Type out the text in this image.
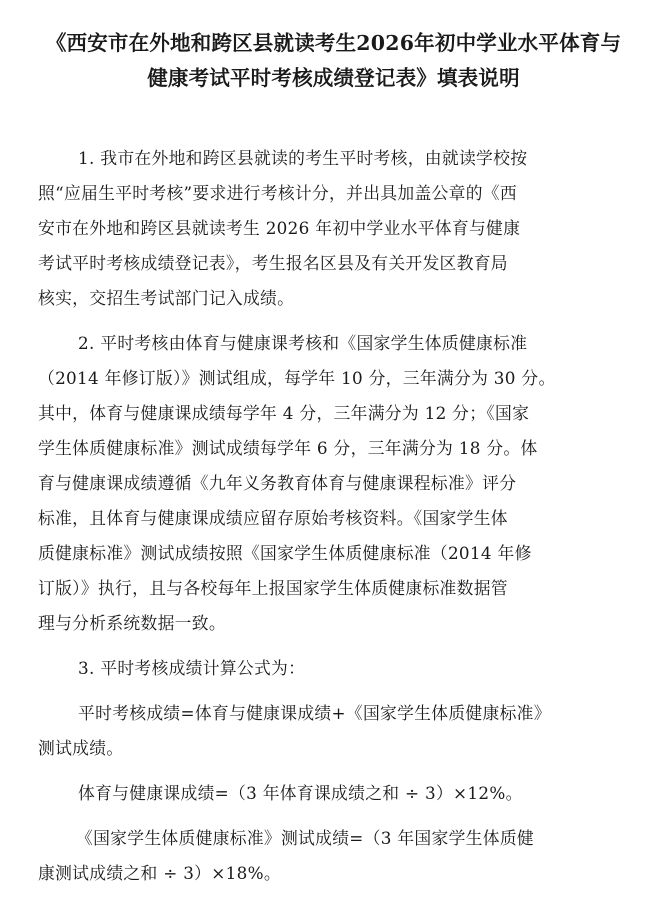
《西安市在外地和跨区县就读考生2026年初中学业水平体育与
健康考试平时考核成绩登记表》填表说明
1. 我市在外地和跨区县就读的考生平时考核，由就读学校按
照“应届生平时考核”要求进行考核计分，并出具加盖公章的《西
安市在外地和跨区县就读考生 2026 年初中学业水平体育与健康
考试平时考核成绩登记表》，考生报名区县及有关开发区教育局
核实，交招生考试部门记入成绩。
2. 平时考核由体育与健康课考核和《国家学生体质健康标准
（2014 年修订版）》测试组成，每学年 10 分，三年满分为 30 分。
其中，体育与健康课成绩每学年 4 分，三年满分为 12 分；《国家
学生体质健康标准》测试成绩每学年 6 分，三年满分为 18 分。体
育与健康课成绩遵循《九年义务教育体育与健康课程标准》评分
标准，且体育与健康课成绩应留存原始考核资料。《国家学生体
质健康标准》测试成绩按照《国家学生体质健康标准（2014 年修
订版）》执行，且与各校每年上报国家学生体质健康标准数据管
理与分析系统数据一致。
3. 平时考核成绩计算公式为：
平时考核成绩=体育与健康课成绩+《国家学生体质健康标准》
测试成绩。
体育与健康课成绩=（3 年体育课成绩之和 ÷ 3）×12%。
《国家学生体质健康标准》测试成绩=（3 年国家学生体质健
康测试成绩之和 ÷ 3）×18%。
